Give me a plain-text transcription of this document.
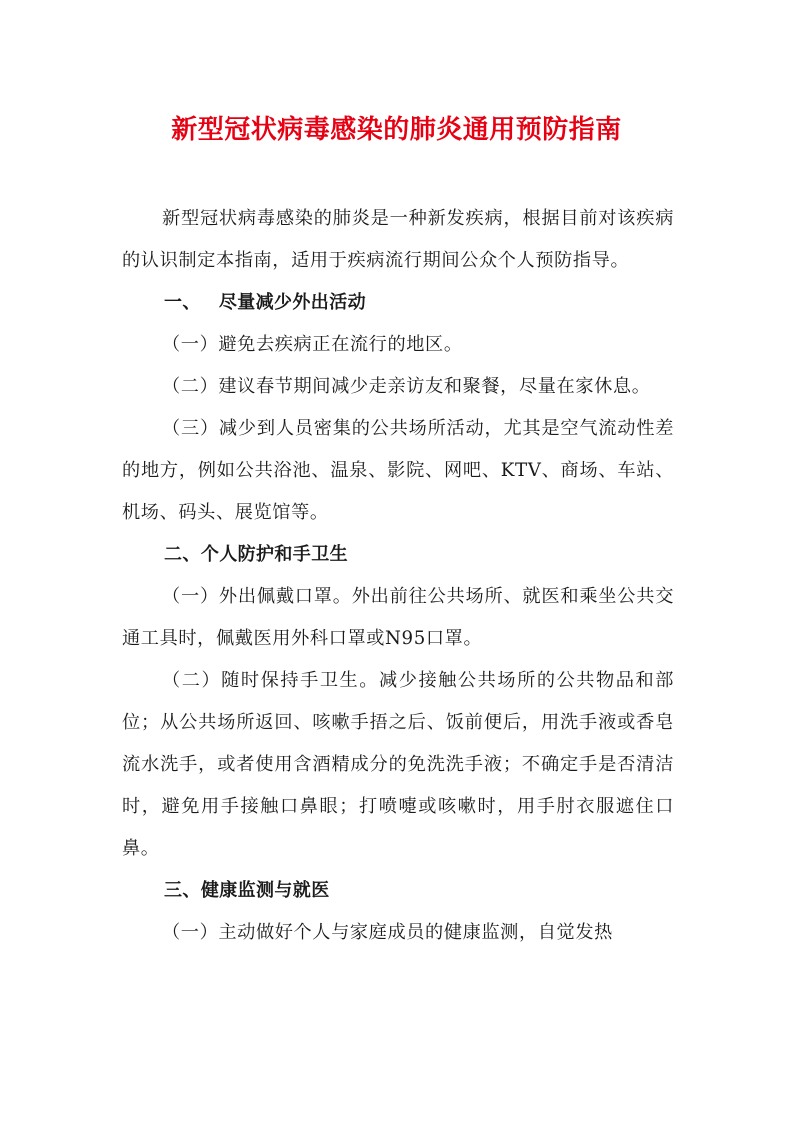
新型冠状病毒感染的肺炎通用预防指南

新型冠状病毒感染的肺炎是一种新发疾病，根据目前对该疾病的认识制定本指南，适用于疾病流行期间公众个人预防指导。

一、 尽量减少外出活动

（一）避免去疾病正在流行的地区。

（二）建议春节期间减少走亲访友和聚餐，尽量在家休息。

（三）减少到人员密集的公共场所活动，尤其是空气流动性差的地方，例如公共浴池、温泉、影院、网吧、KTV、商场、车站、机场、码头、展览馆等。

二、个人防护和手卫生

（一）外出佩戴口罩。外出前往公共场所、就医和乘坐公共交通工具时，佩戴医用外科口罩或N95口罩。

（二）随时保持手卫生。减少接触公共场所的公共物品和部位；从公共场所返回、咳嗽手捂之后、饭前便后，用洗手液或香皂流水洗手，或者使用含酒精成分的免洗洗手液；不确定手是否清洁时，避免用手接触口鼻眼；打喷嚏或咳嗽时，用手肘衣服遮住口鼻。

三、健康监测与就医

（一）主动做好个人与家庭成员的健康监测，自觉发热
